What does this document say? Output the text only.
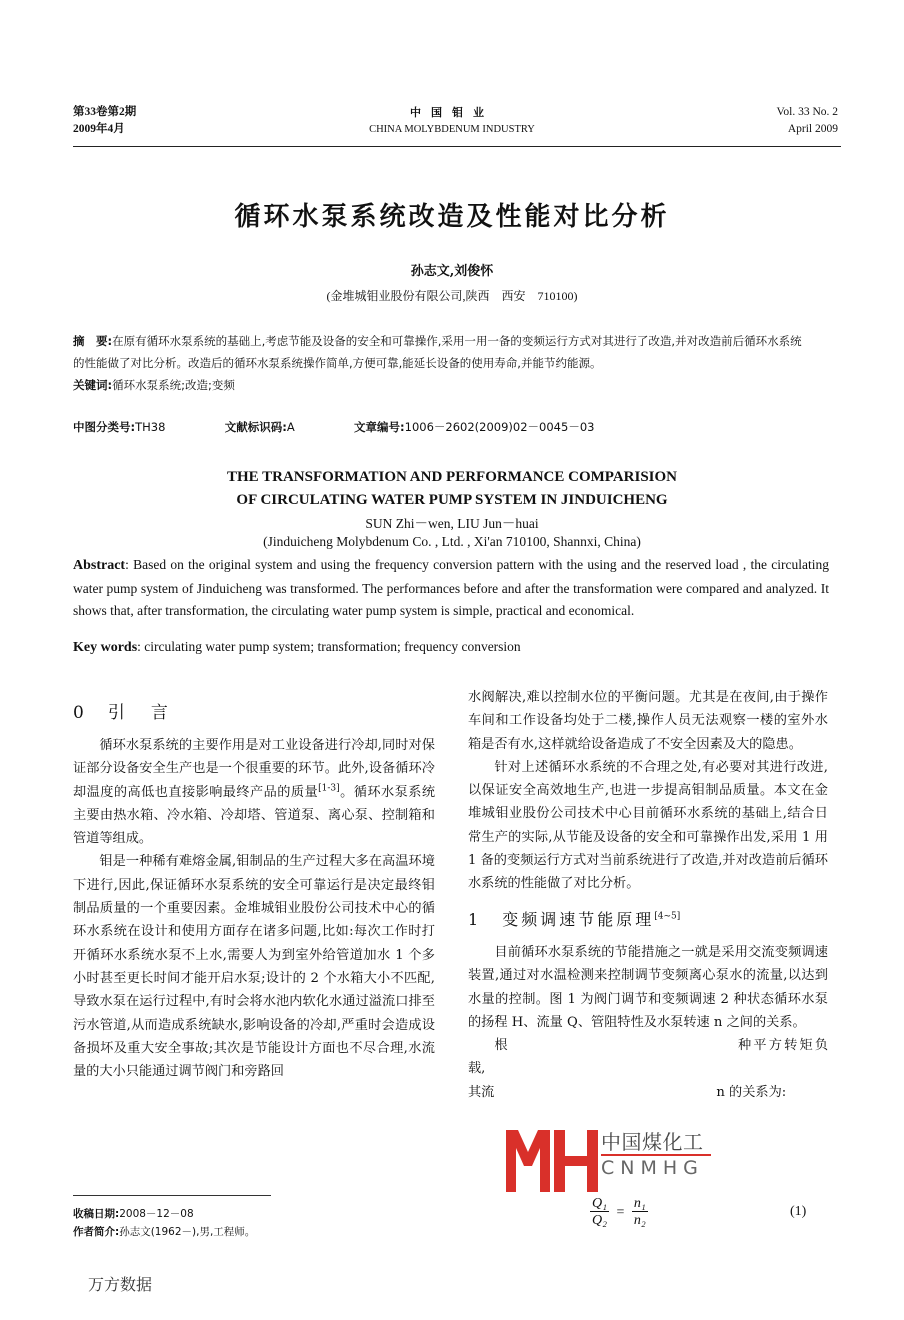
第33卷第2期
2009年4月
中国钼业
CHINA MOLYBDENUM INDUSTRY
Vol. 33 No. 2
April 2009
循环水泵系统改造及性能对比分析
孙志文,刘俊怀
(金堆城钼业股份有限公司,陕西　西安　710100)
摘　要:在原有循环水泵系统的基础上,考虑节能及设备的安全和可靠操作,采用一用一备的变频运行方式对其进行了改造,并对改造前后循环水系统的性能做了对比分析。改造后的循环水泵系统操作简单,方便可靠,能延长设备的使用寿命,并能节约能源。
关键词:循环水泵系统;改造;变频
中图分类号:TH38	文献标识码:A	文章编号:1006－2602(2009)02－0045－03
THE TRANSFORMATION AND PERFORMANCE COMPARISION
OF CIRCULATING WATER PUMP SYSTEM IN JINDUICHENG
SUN Zhi－wen, LIU Jun－huai
(Jinduicheng Molybdenum Co. , Ltd. , Xi'an 710100, Shannxi, China)
Abstract: Based on the original system and using the frequency conversion pattern with the using and the reserved load , the circulating water pump system of Jinduicheng was transformed. The performances before and after the transformation were compared and analyzed. It shows that, after transformation, the circulating water pump system is simple, practical and economical.
Key words: circulating water pump system; transformation; frequency conversion
0 引 言

循环水泵系统的主要作用是对工业设备进行冷却,同时对保证部分设备安全生产也是一个很重要的环节。此外,设备循环冷却温度的高低也直接影响最终产品的质量[1-3]。循环水泵系统主要由热水箱、冷水箱、冷却塔、管道泵、离心泵、控制箱和管道等组成。

钼是一种稀有难熔金属,钼制品的生产过程大多在高温环境下进行,因此,保证循环水泵系统的安全可靠运行是决定最终钼制品质量的一个重要因素。金堆城钼业股份公司技术中心的循环水系统在设计和使用方面存在诸多问题,比如:每次工作时打开循环水系统水泵不上水,需要人为到室外给管道加水 1 个多小时甚至更长时间才能开启水泵;设计的 2 个水箱大小不匹配,导致水泵在运行过程中,有时会将水池内软化水通过溢流口排至污水管道,从而造成系统缺水,影响设备的冷却,严重时会造成设备损坏及重大安全事故;其次是节能设计方面也不尽合理,水流量的大小只能通过调节阀门和旁路回

水阀解决,难以控制水位的平衡问题。尤其是在夜间,由于操作车间和工作设备均处于二楼,操作人员无法观察一楼的室外水箱是否有水,这样就给设备造成了不安全因素及大的隐患。

针对上述循环水系统的不合理之处,有必要对其进行改进,以保证安全高效地生产,也进一步提高钼制品质量。本文在金堆城钼业股份公司技术中心目前循环水系统的基础上,结合日常生产的实际,从节能及设备的安全和可靠操作出发,采用 1 用 1 备的变频运行方式对当前系统进行了改造,并对改造前后循环水系统的性能做了对比分析。

1 变频调速节能原理[4~5]

目前循环水泵系统的节能措施之一就是采用交流变频调速装置,通过对水温检测来控制调节变频离心泵水的流量,以达到水量的控制。图 1 为阀门调节和变频调速 2 种状态循环水泵的扬程 H、流量 Q、管阻特性及水泵转速 n 之间的关系。

根	种平方转矩负载,

其流	n 的关系为:

$\frac{\text{Q₁}}{\text{Q₂}} = \frac{\text{n₁}}{\text{n₂}}$	(1)
中国煤化工
CNMHG
收稿日期:2008－12－08
作者简介:孙志文(1962－),男,工程师。
万方数据
